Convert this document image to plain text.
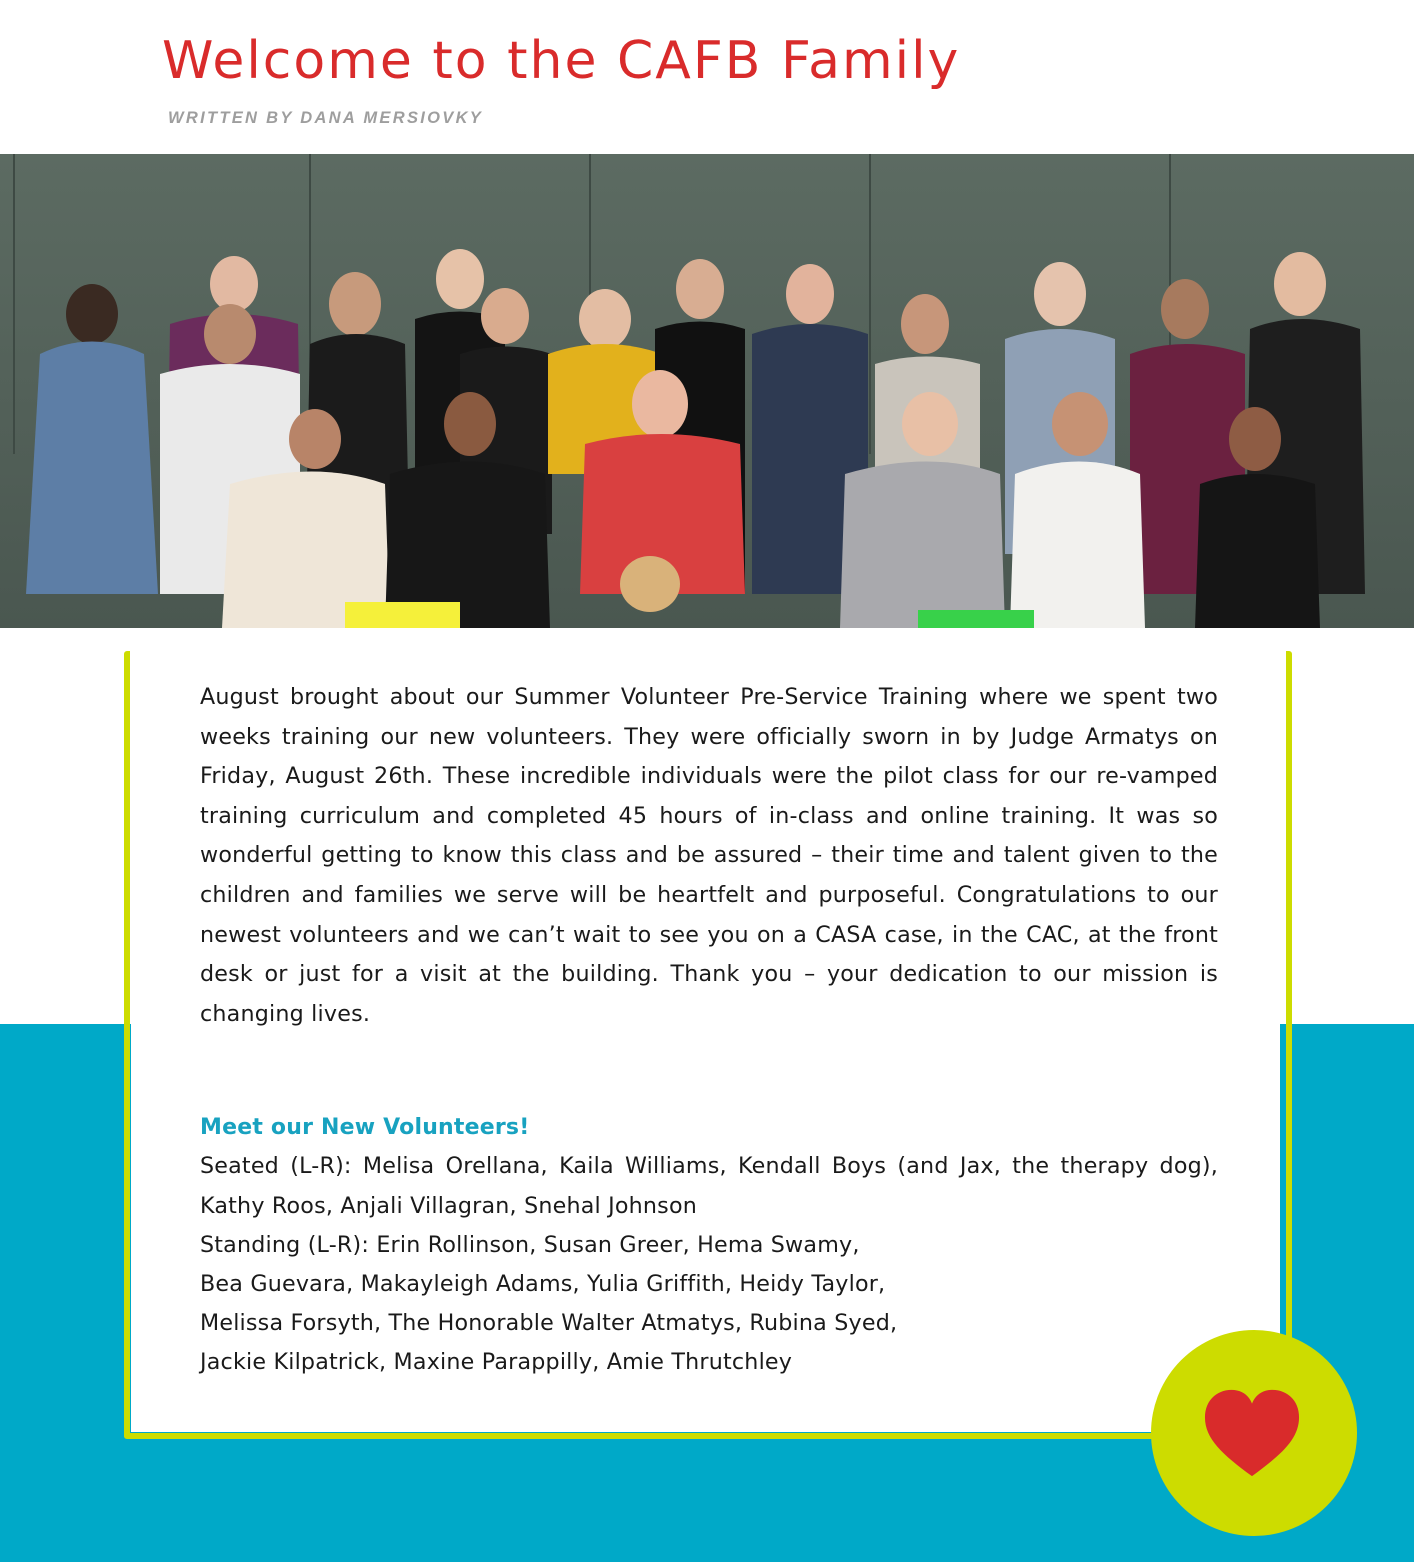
Welcome to the CAFB Family
WRITTEN BY DANA MERSIOVKY

August brought about our Summer Volunteer Pre-Service Training where we spent two weeks training our new volunteers. They were officially sworn in by Judge Armatys on Friday, August 26th. These incredible individuals were the pilot class for our re-vamped training curriculum and completed 45 hours of in-class and online training. It was so wonderful getting to know this class and be assured – their time and talent given to the children and families we serve will be heartfelt and purposeful. Congratulations to our newest volunteers and we can’t wait to see you on a CASA case, in the CAC, at the front desk or just for a visit at the building. Thank you – your dedication to our mission is changing lives.

Meet our New Volunteers!

Seated (L-R): Melisa Orellana, Kaila Williams, Kendall Boys (and Jax, the therapy dog), Kathy Roos, Anjali Villagran, Snehal Johnson

Standing (L-R): Erin Rollinson, Susan Greer, Hema Swamy,

Bea Guevara, Makayleigh Adams, Yulia Griffith, Heidy Taylor,

Melissa Forsyth, The Honorable Walter Atmatys, Rubina Syed,

Jackie Kilpatrick, Maxine Parappilly, Amie Thrutchley
